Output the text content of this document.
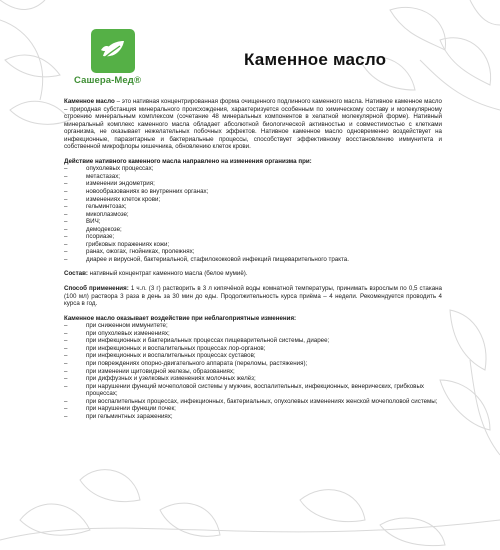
Сашера-Мед®
Каменное масло

Каменное масло – это нативная концентрированная форма очищенного подлинного каменного масла. Нативное каменное масло – природная субстанция минерального происхождения, характеризуется особенным по химическому составу и молекулярному строению минеральным комплексом (сочетание 48 минеральных компонентов в хелатной молекулярной форме). Нативный минеральный комплекс каменного масла обладает абсолютной биологической активностью и совместимостью с клетками организма, не оказывает нежелательных побочных эффектов. Нативное каменное масло одновременно воздействует на инфекционные, паразитарные и бактериальные процессы, способствует эффективному восстановлению иммунитета и собственной микрофлоры кишечника, обновлению клеток крови.

Действие нативного каменного масла направлено на изменения организма при:

– опухолевых процессах;
– метастазах;
– изменении эндометрия;
– новообразованиях во внутренних органах;
– изменениях клеток крови;
– гельминтозах;
– микоплазмозе;
– ВИЧ;
– демодекозе;
– псориазе;
– грибковых поражениях кожи;
– ранах, ожогах, гнойниках, пролежнях;
– диарее и вирусной, бактериальной, стафилококковой инфекций пищеварительного тракта.

Состав: нативный концентрат каменного масла (белое мумиё).

Способ применения: 1 ч.л. (3 г) растворить в 3 л кипячёной воды комнатной температуры, принимать взрослым по 0,5 стакана (100 мл) раствора 3 раза в день за 30 мин до еды. Продолжительность курса приёма – 4 недели. Рекомендуется проводить 4 курса в год.

Каменное масло оказывает воздействие при неблагоприятные изменения:

– при сниженном иммунитете;
– при опухолевых изменениях;
– при инфекционных и бактериальных процессах пищеварительной системы, диарее;
– при инфекционных и воспалительных процессах лор-органов;
– при инфекционных и воспалительных процессах суставов;
– при повреждениях опорно-двигательного аппарата (переломы, растяжения);
– при изменении щитовидной железы, образованиях;
– при диффузных и узелковых изменениях молочных желёз;
– при нарушении функций мочеполовой системы у мужчин, воспалительных, инфекционных, венерических, грибковых процессах;
– при воспалительных процессах, инфекционных, бактериальных, опухолевых изменениях женской мочеполовой системы;
– при нарушении функции почек;
– при гельминтных заражениях;
